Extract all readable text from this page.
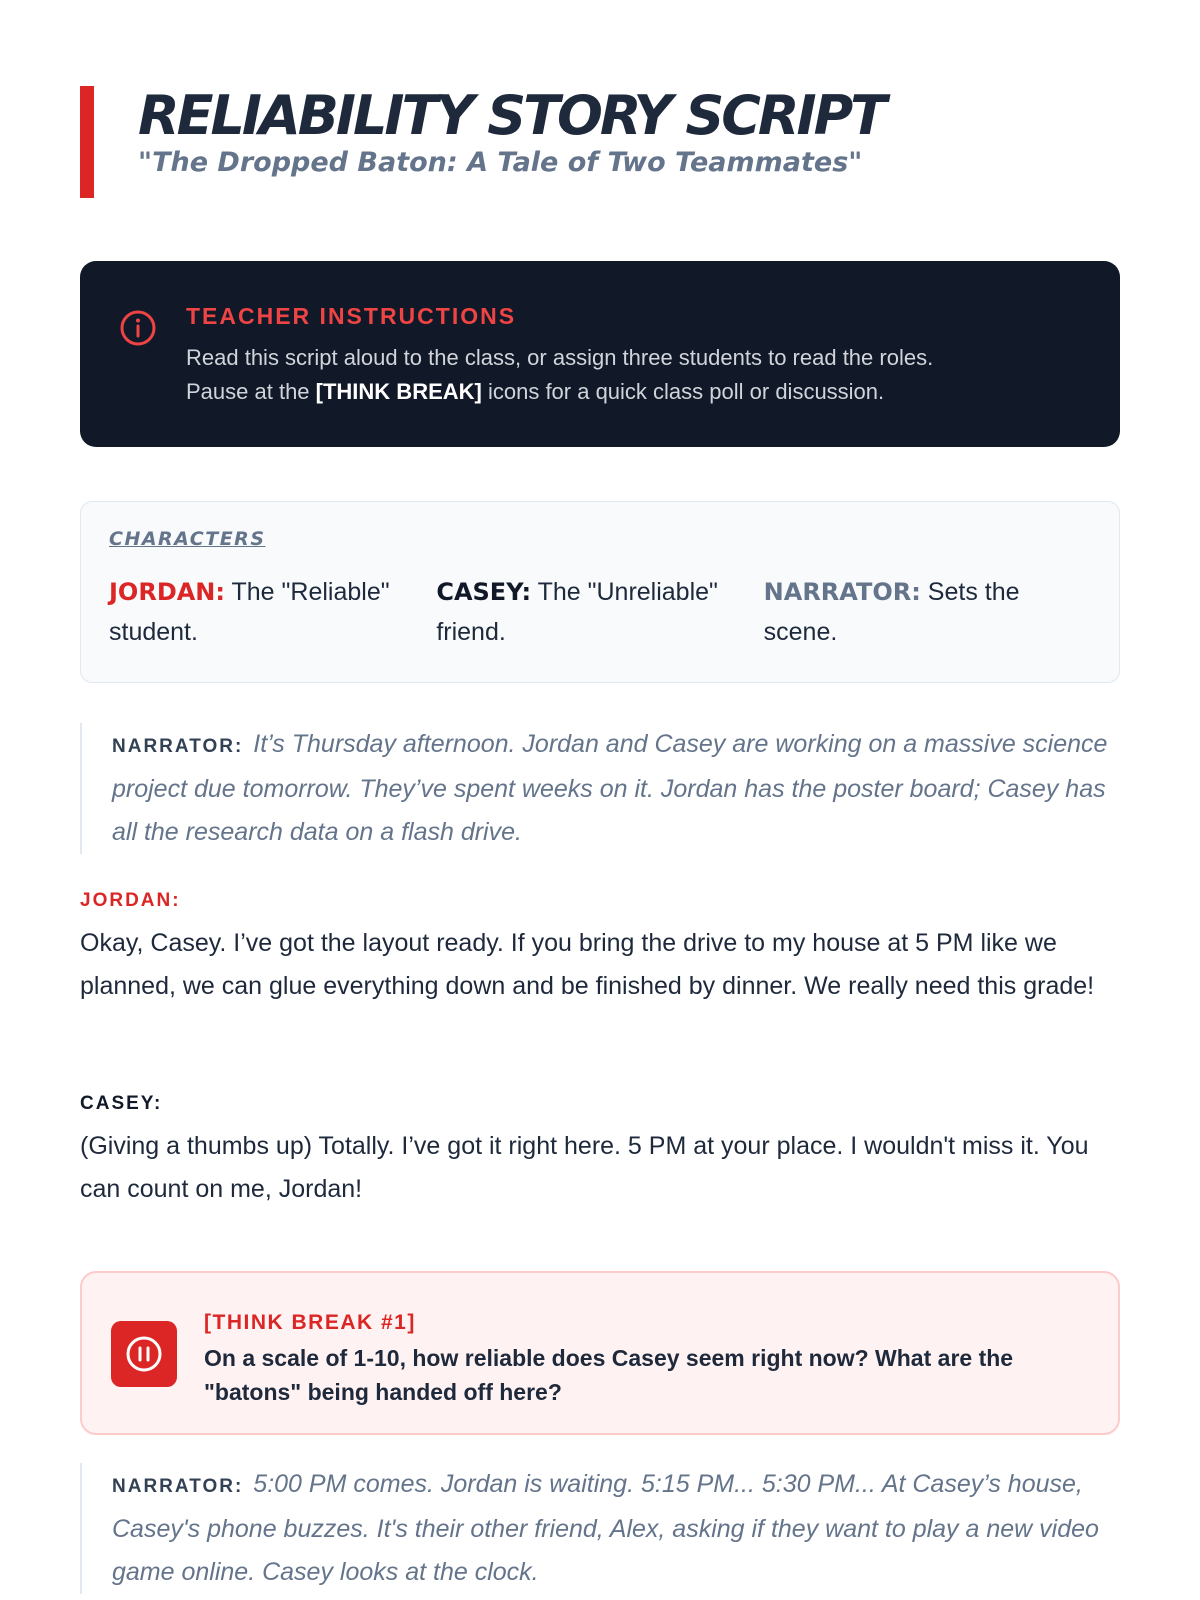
RELIABILITY STORY SCRIPT
"The Dropped Baton: A Tale of Two Teammates"
TEACHER INSTRUCTIONS
Read this script aloud to the class, or assign three students to read the roles.
Pause at the [THINK BREAK] icons for a quick class poll or discussion.
CHARACTERS
JORDAN: The "Reliable" student.
CASEY: The "Unreliable" friend.
NARRATOR: Sets the scene.
NARRATOR: It’s Thursday afternoon. Jordan and Casey are working on a massive science project due tomorrow. They’ve spent weeks on it. Jordan has the poster board; Casey has all the research data on a flash drive.
JORDAN:
Okay, Casey. I’ve got the layout ready. If you bring the drive to my house at 5 PM like we planned, we can glue everything down and be finished by dinner. We really need this grade!
CASEY:
(Giving a thumbs up) Totally. I’ve got it right here. 5 PM at your place. I wouldn't miss it. You can count on me, Jordan!
[THINK BREAK #1]
On a scale of 1-10, how reliable does Casey seem right now? What are the "batons" being handed off here?
NARRATOR: 5:00 PM comes. Jordan is waiting. 5:15 PM... 5:30 PM... At Casey’s house, Casey's phone buzzes. It's their other friend, Alex, asking if they want to play a new video game online. Casey looks at the clock.
